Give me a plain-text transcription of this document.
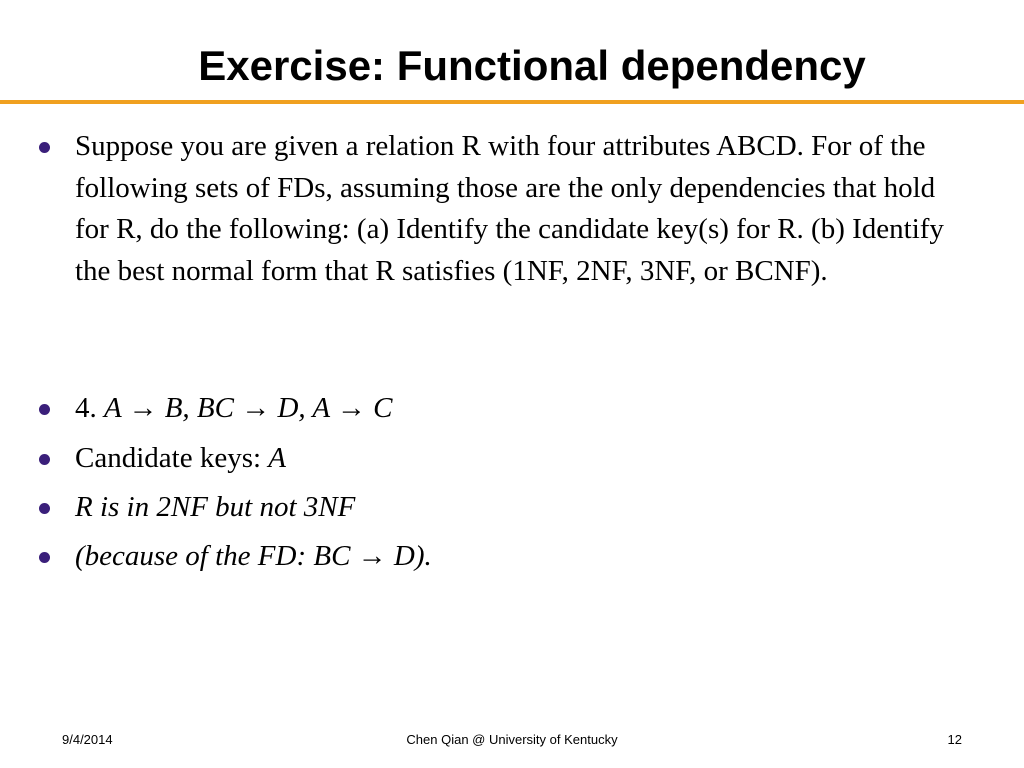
Exercise: Functional dependency
Suppose you are given a relation R with four attributes ABCD. For of the following sets of FDs, assuming those are the only dependencies that hold for R, do the following: (a) Identify the candidate key(s) for R. (b) Identify the best normal form that R satisfies (1NF, 2NF, 3NF, or BCNF).
4. A → B, BC → D, A → C
Candidate keys: A
R is in 2NF but not 3NF
(because of the FD: BC → D).
9/4/2014	Chen Qian @ University of Kentucky	12
